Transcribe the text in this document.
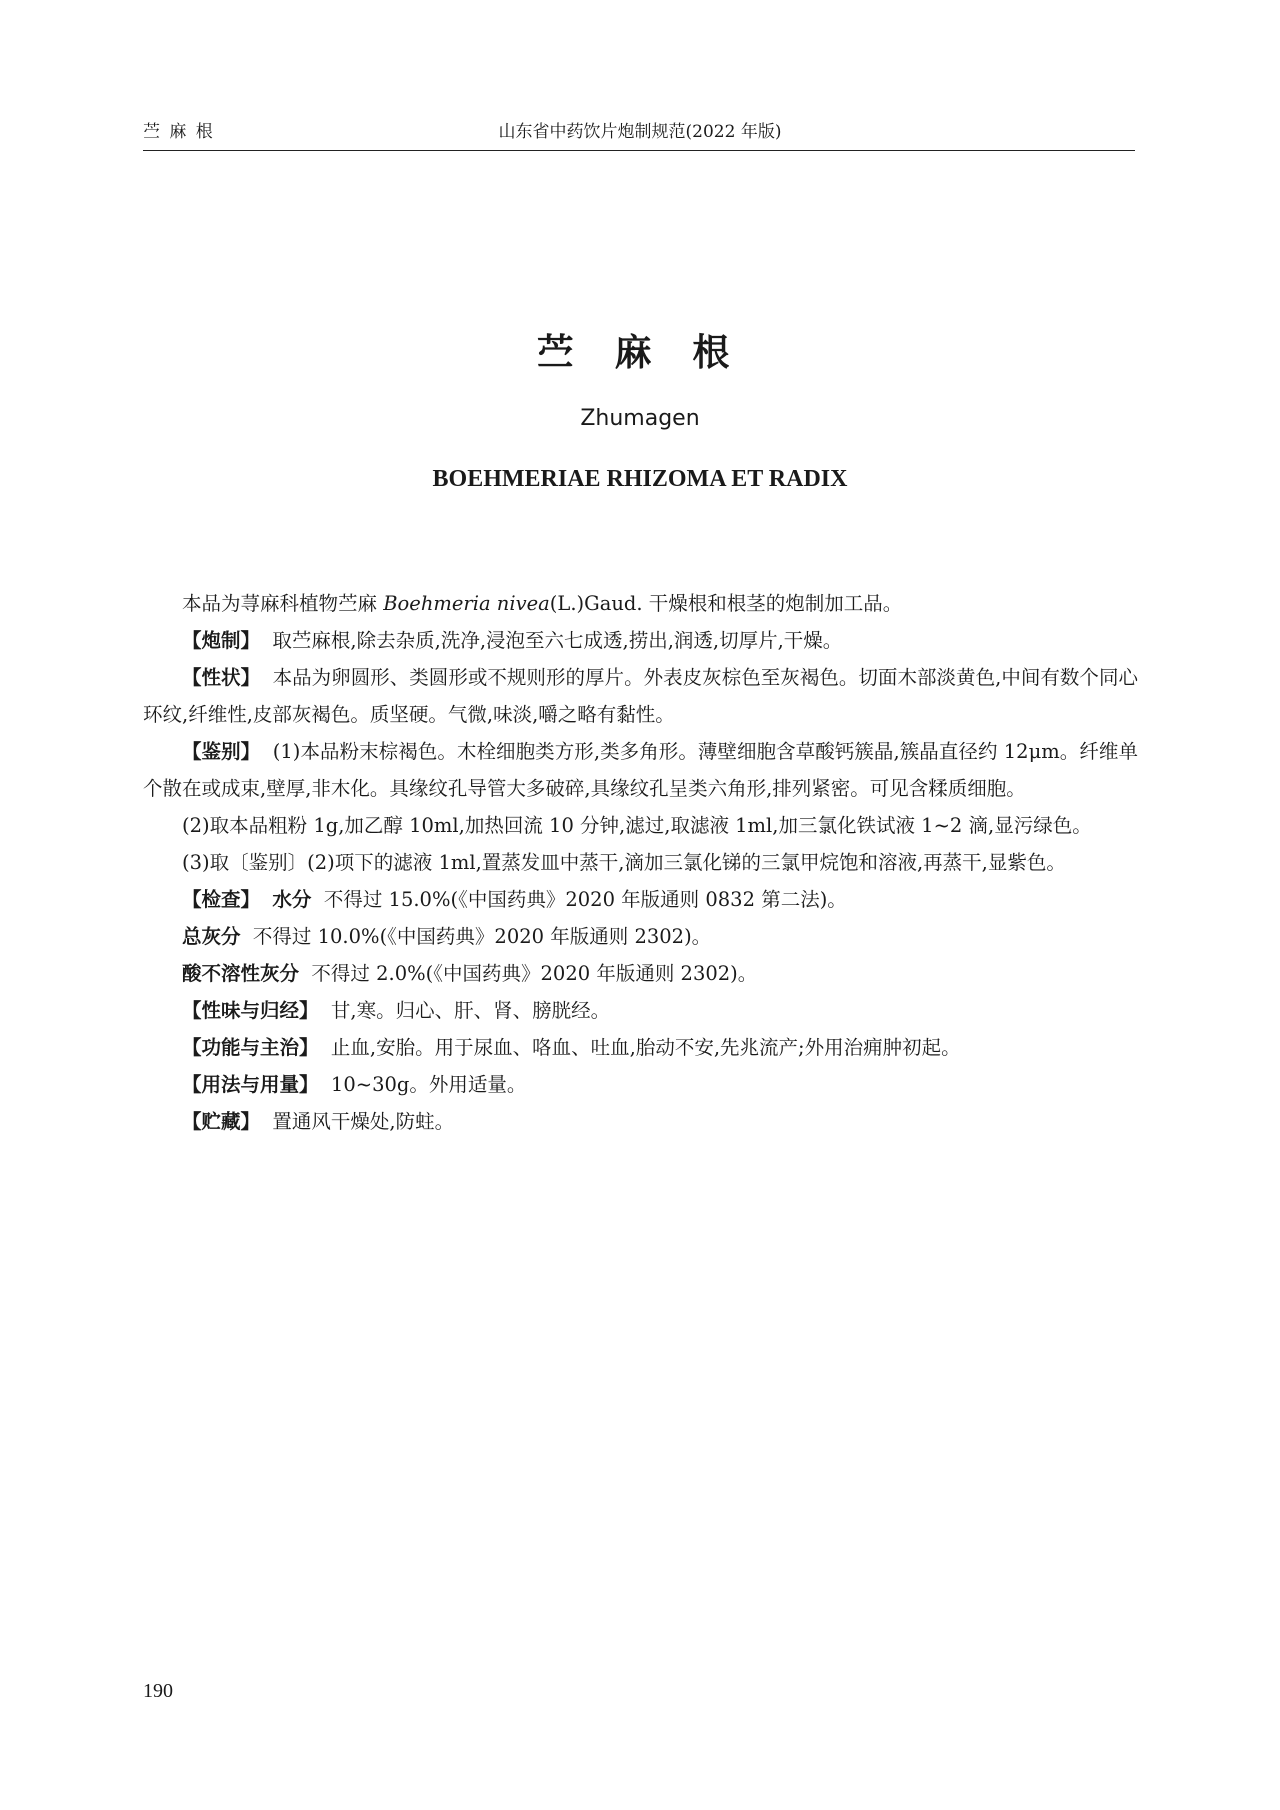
苎 麻 根	山东省中药饮片炮制规范(2022 年版)
苎 麻 根
Zhumagen
BOEHMERIAE RHIZOMA ET RADIX

本品为荨麻科植物苎麻 Boehmeria nivea(L.)Gaud. 干燥根和根茎的炮制加工品。

【炮制】 取苎麻根,除去杂质,洗净,浸泡至六七成透,捞出,润透,切厚片,干燥。

【性状】 本品为卵圆形、类圆形或不规则形的厚片。外表皮灰棕色至灰褐色。切面木部淡黄色,中间有数个同心环纹,纤维性,皮部灰褐色。质坚硬。气微,味淡,嚼之略有黏性。

【鉴别】 (1)本品粉末棕褐色。木栓细胞类方形,类多角形。薄壁细胞含草酸钙簇晶,簇晶直径约 12μm。纤维单个散在或成束,壁厚,非木化。具缘纹孔导管大多破碎,具缘纹孔呈类六角形,排列紧密。可见含糅质细胞。

(2)取本品粗粉 1g,加乙醇 10ml,加热回流 10 分钟,滤过,取滤液 1ml,加三氯化铁试液 1~2 滴,显污绿色。

(3)取〔鉴别〕(2)项下的滤液 1ml,置蒸发皿中蒸干,滴加三氯化锑的三氯甲烷饱和溶液,再蒸干,显紫色。

【检查】 水分 不得过 15.0%(《中国药典》2020 年版通则 0832 第二法)。

总灰分 不得过 10.0%(《中国药典》2020 年版通则 2302)。

酸不溶性灰分 不得过 2.0%(《中国药典》2020 年版通则 2302)。

【性味与归经】 甘,寒。归心、肝、肾、膀胱经。

【功能与主治】 止血,安胎。用于尿血、咯血、吐血,胎动不安,先兆流产;外用治痈肿初起。

【用法与用量】 10~30g。外用适量。

【贮藏】 置通风干燥处,防蛀。

190
